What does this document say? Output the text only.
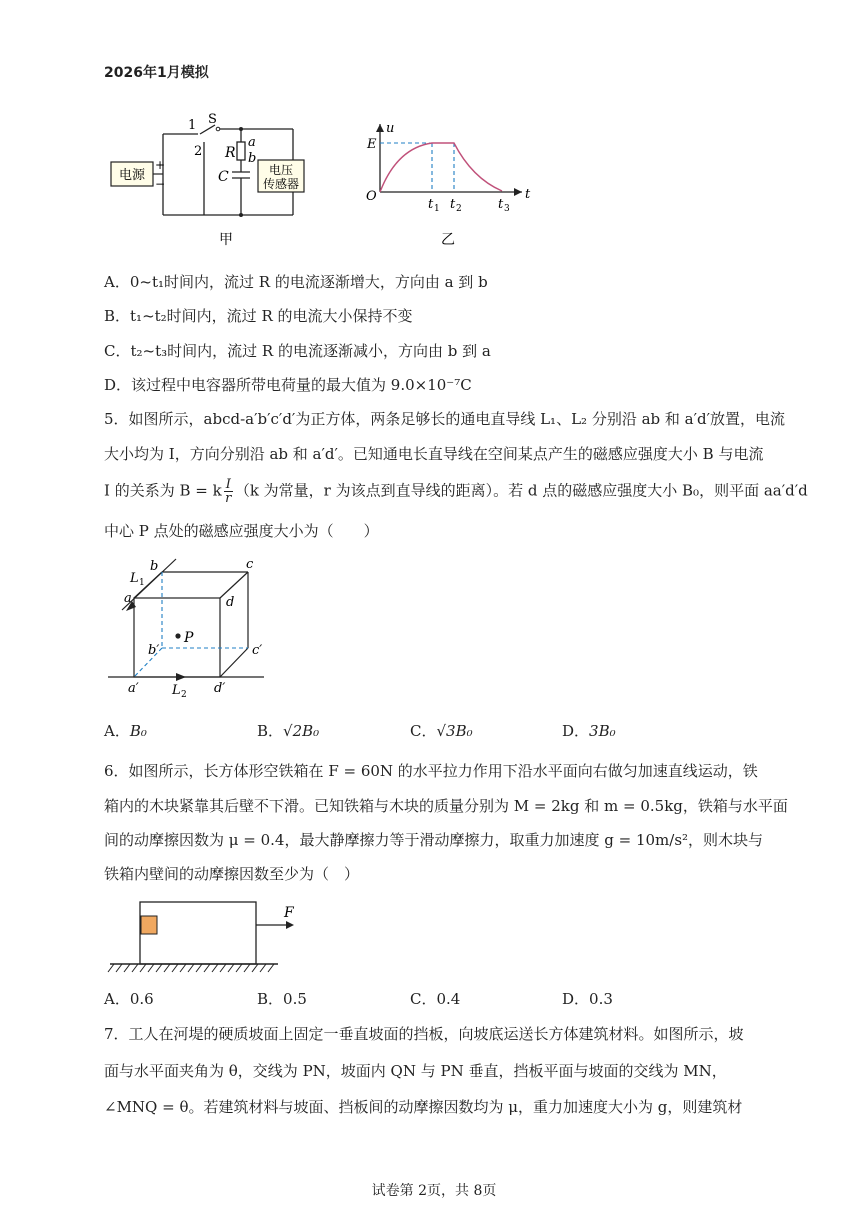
2026年1月模拟
电源
+
−
电压
传感器
1
2
S
R
a
b
C
甲
u
t
E
O
t 1 t 2	t 3
乙
A．0~t₁时间内，流过 R 的电流逐渐增大，方向由 a 到 b
B．t₁~t₂时间内，流过 R 的电流大小保持不变
C．t₂~t₃时间内，流过 R 的电流逐渐减小，方向由 b 到 a
D．该过程中电容器所带电荷量的最大值为 9.0×10⁻⁷C
5．如图所示，abcd-a′b′c′d′为正方体，两条足够长的通电直导线 L₁、L₂ 分别沿 ab 和 a′d′放置，电流
大小均为 I，方向分别沿 ab 和 a′d′。已知通电长直导线在空间某点产生的磁感应强度大小 B 与电流
I 的关系为 B = k $\frac{I}{r} (k$ 为常量，r 为该点到直导线的距离）。若 d 点的磁感应强度大小 B₀，则平面 aa′d′d
中心 P 点处的磁感应强度大小为（　　）
P
b
a
c
d
b′	c′
a′	d′
L 1
L 2
A．B₀	B．√2B₀	C．√3B₀	D．3B₀
6．如图所示，长方体形空铁箱在 F = 60N 的水平拉力作用下沿水平面向右做匀加速直线运动，铁
箱内的木块紧靠其后壁不下滑。已知铁箱与木块的质量分别为 M = 2kg 和 m = 0.5kg，铁箱与水平面
间的动摩擦因数为 μ = 0.4，最大静摩擦力等于滑动摩擦力，取重力加速度 g = 10m/s²，则木块与
铁箱内壁间的动摩擦因数至少为（　）
F
A．0.6	B．0.5	C．0.4	D．0.3
7．工人在河堤的硬质坡面上固定一垂直坡面的挡板，向坡底运送长方体建筑材料。如图所示，坡
面与水平面夹角为 θ，交线为 PN，坡面内 QN 与 PN 垂直，挡板平面与坡面的交线为 MN，
∠MNQ = θ。若建筑材料与坡面、挡板间的动摩擦因数均为 μ，重力加速度大小为 g，则建筑材
试卷第 2页，共 8页
